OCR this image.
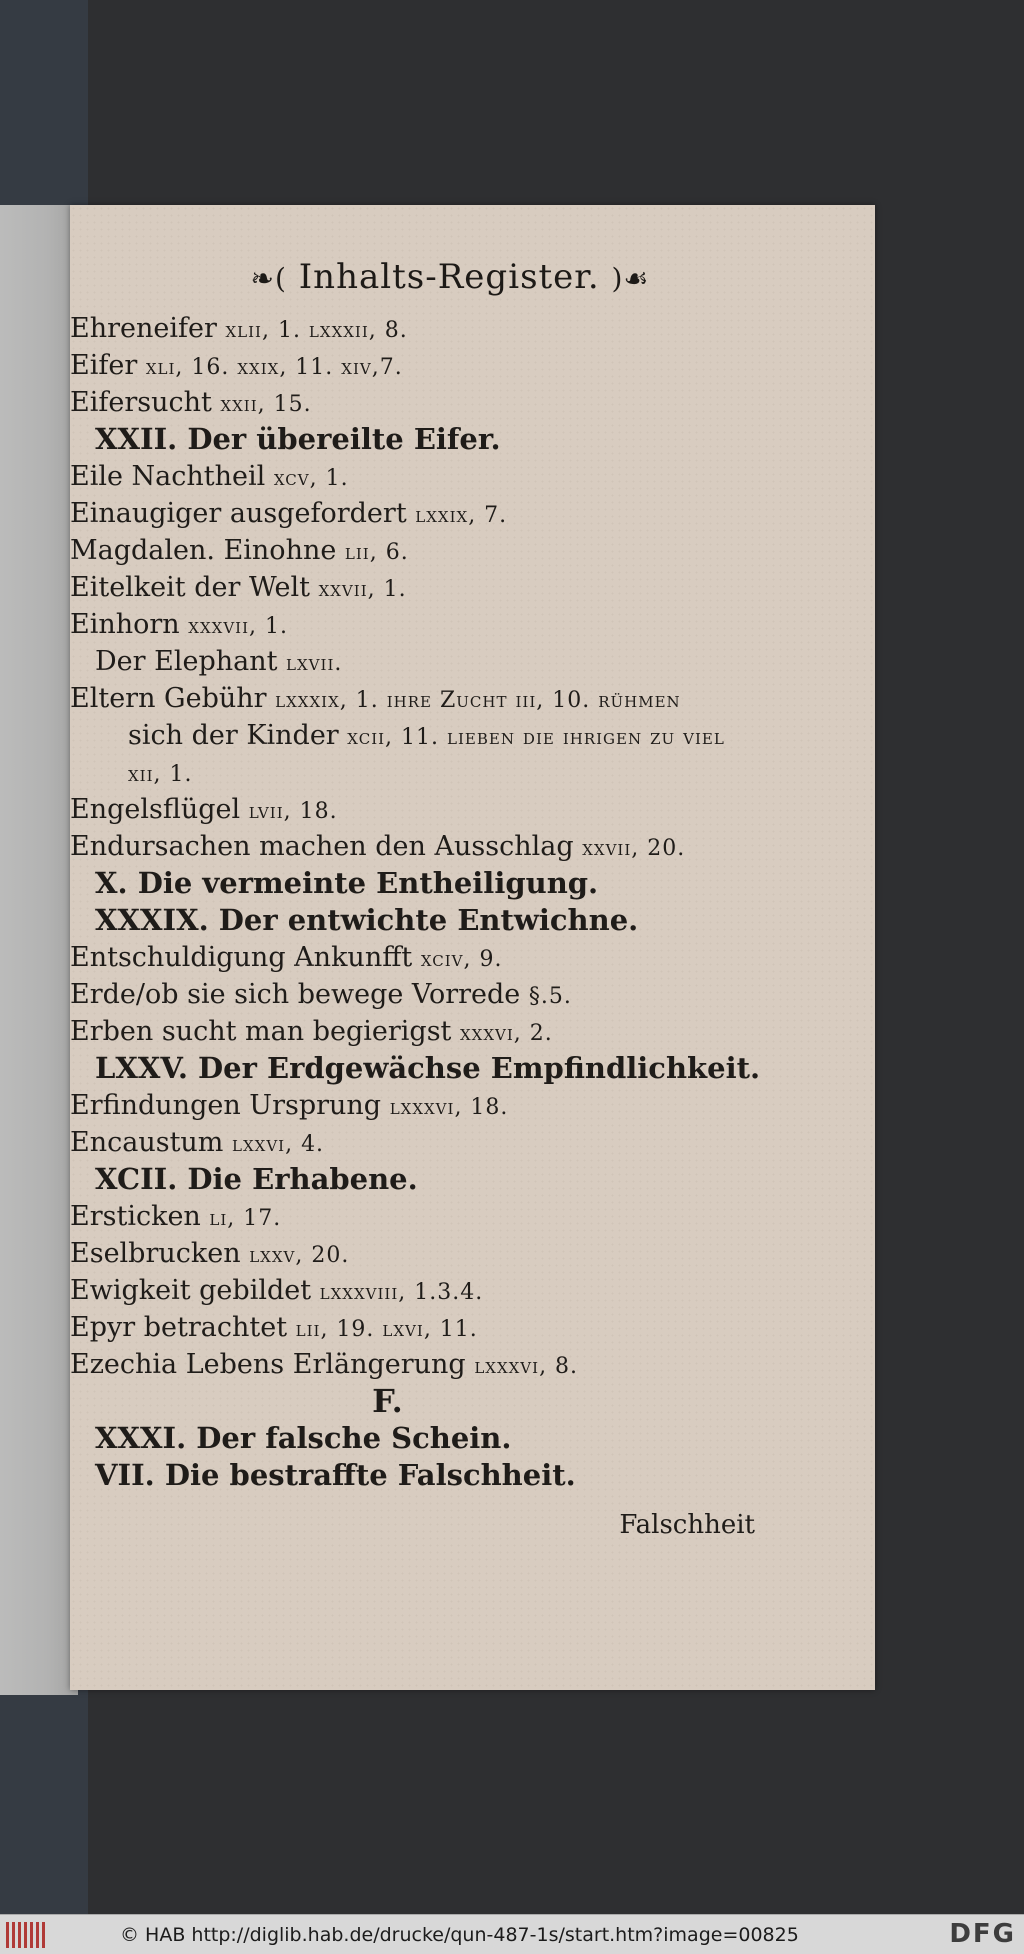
❧( Inhalts-Register. )☙
Ehreneifer xlii, 1. lxxxii, 8.
Eifer xli, 16. xxix, 11. xiv,7.
Eifersucht xxii, 15.
XXII. Der übereilte Eifer.
Eile Nachtheil xcv, 1.
Einaugiger ausgefordert lxxix, 7.
Magdalen. Einohne lii, 6.
Eitelkeit der Welt xxvii, 1.
Einhorn xxxvii, 1.
Der Elephant lxvii.
Eltern Gebühr lxxxix, 1. ihre Zucht iii, 10. rühmen
sich der Kinder xcii, 11. lieben die ihrigen zu viel
xii, 1.
Engelsflügel lvii, 18.
Endursachen machen den Ausschlag xxvii, 20.
X. Die vermeinte Entheiligung.
XXXIX. Der entwichte Entwichne.
Entschuldigung Ankunfft xciv, 9.
Erde/ob sie sich bewege Vorrede §.5.
Erben sucht man begierigst xxxvi, 2.
LXXV. Der Erdgewächse Empfindlichkeit.
Erfindungen Ursprung lxxxvi, 18.
Encaustum lxxvi, 4.
XCII. Die Erhabene.
Ersticken li, 17.
Eselbrucken lxxv, 20.
Ewigkeit gebildet lxxxviii, 1.3.4.
Epyr betrachtet lii, 19. lxvi, 11.
Ezechia Lebens Erlängerung lxxxvi, 8.
F.
XXXI. Der falsche Schein.
VII. Die bestraffte Falschheit.
Falschheit
© HAB http://diglib.hab.de/drucke/qun-487-1s/start.htm?image=00825	DFG
